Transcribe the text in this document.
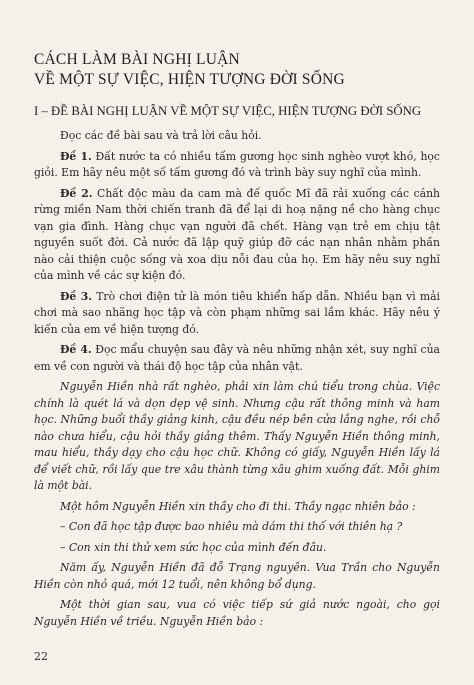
CÁCH LÀM BÀI NGHỊ LUẬN
VỀ MỘT SỰ VIỆC, HIỆN TƯỢNG ĐỜI SỐNG
I – ĐỀ BÀI NGHỊ LUẬN VỀ MỘT SỰ VIỆC, HIỆN TƯỢNG ĐỜI SỐNG

Đọc các đề bài sau và trả lời câu hỏi.

Đề 1. Đất nước ta có nhiều tấm gương học sinh nghèo vượt khó, học giỏi. Em hãy nêu một số tấm gương đó và trình bày suy nghĩ của mình.

Đề 2. Chất độc màu da cam mà đế quốc Mĩ đã rải xuống các cánh rừng miền Nam thời chiến tranh đã để lại di hoạ nặng nề cho hàng chục vạn gia đình. Hàng chục vạn người đã chết. Hàng vạn trẻ em chịu tật nguyền suốt đời. Cả nước đã lập quỹ giúp đỡ các nạn nhân nhằm phần nào cải thiện cuộc sống và xoa dịu nỗi đau của họ. Em hãy nêu suy nghĩ của mình về các sự kiện đó.

Đề 3. Trò chơi điện tử là món tiêu khiển hấp dẫn. Nhiều bạn vì mải chơi mà sao nhãng học tập và còn phạm những sai lầm khác. Hãy nêu ý kiến của em về hiện tượng đó.

Đề 4. Đọc mẩu chuyện sau đây và nêu những nhận xét, suy nghĩ của em về con người và thái độ học tập của nhân vật.

Nguyễn Hiền nhà rất nghèo, phải xin làm chú tiểu trong chùa. Việc chính là quét lá và dọn dẹp vệ sinh. Nhưng cậu rất thông minh và ham học. Những buổi thầy giảng kinh, cậu đều nép bên cửa lắng nghe, rồi chỗ nào chưa hiểu, cậu hỏi thầy giảng thêm. Thấy Nguyễn Hiền thông minh, mau hiểu, thầy dạy cho cậu học chữ. Không có giấy, Nguyễn Hiền lấy lá để viết chữ, rồi lấy que tre xâu thành từng xâu ghim xuống đất. Mỗi ghim là một bài.

Một hôm Nguyễn Hiền xin thầy cho đi thi. Thầy ngạc nhiên bảo :

– Con đã học tập được bao nhiêu mà dám thi thố với thiên hạ ?
– Con xin thi thử xem sức học của mình đến đâu.

Năm ấy, Nguyễn Hiền đã đỗ Trạng nguyên. Vua Trần cho Nguyễn Hiền còn nhỏ quá, mới 12 tuổi, nên không bổ dụng.

Một thời gian sau, vua có việc tiếp sứ giả nước ngoài, cho gọi Nguyễn Hiền về triều. Nguyễn Hiền bảo :

22
